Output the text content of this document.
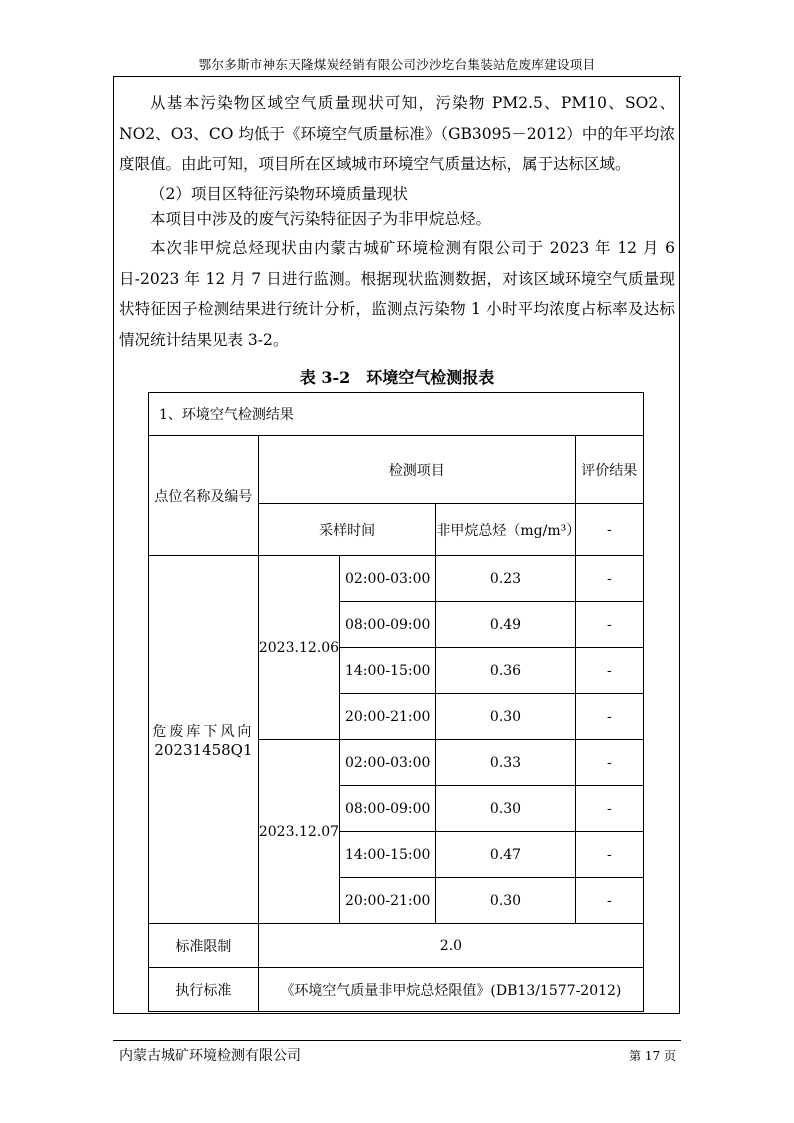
鄂尔多斯市神东天隆煤炭经销有限公司沙沙圪台集装站危废库建设项目
从基本污染物区域空气质量现状可知，污染物 PM2.5、PM10、SO2、NO2、O3、CO 均低于《环境空气质量标准》（GB3095－2012）中的年平均浓度限值。由此可知，项目所在区域城市环境空气质量达标，属于达标区域。
（2）项目区特征污染物环境质量现状
本项目中涉及的废气污染特征因子为非甲烷总烃。
本次非甲烷总烃现状由内蒙古城矿环境检测有限公司于 2023 年 12 月 6 日-2023 年 12 月 7 日进行监测。根据现状监测数据，对该区域环境空气质量现状特征因子检测结果进行统计分析，监测点污染物 1 小时平均浓度占标率及达标情况统计结果见表 3-2。
表 3-2　环境空气检测报表
1、环境空气检测结果				
点位名称及编号	检测项目			评价结果
	采样时间		非甲烷总烃（mg/m³）	-
危废库下风向
20231458Q1	2023.12.06	02:00-03:00	0.23	-
		08:00-09:00	0.49	-
		14:00-15:00	0.36	-
		20:00-21:00	0.30	-
	2023.12.07	02:00-03:00	0.33	-
		08:00-09:00	0.30	-
		14:00-15:00	0.47	-
		20:00-21:00	0.30	-
标准限制	2.0			
执行标准	《环境空气质量非甲烷总烃限值》(DB13/1577-2012)			
内蒙古城矿环境检测有限公司	第 17 页
